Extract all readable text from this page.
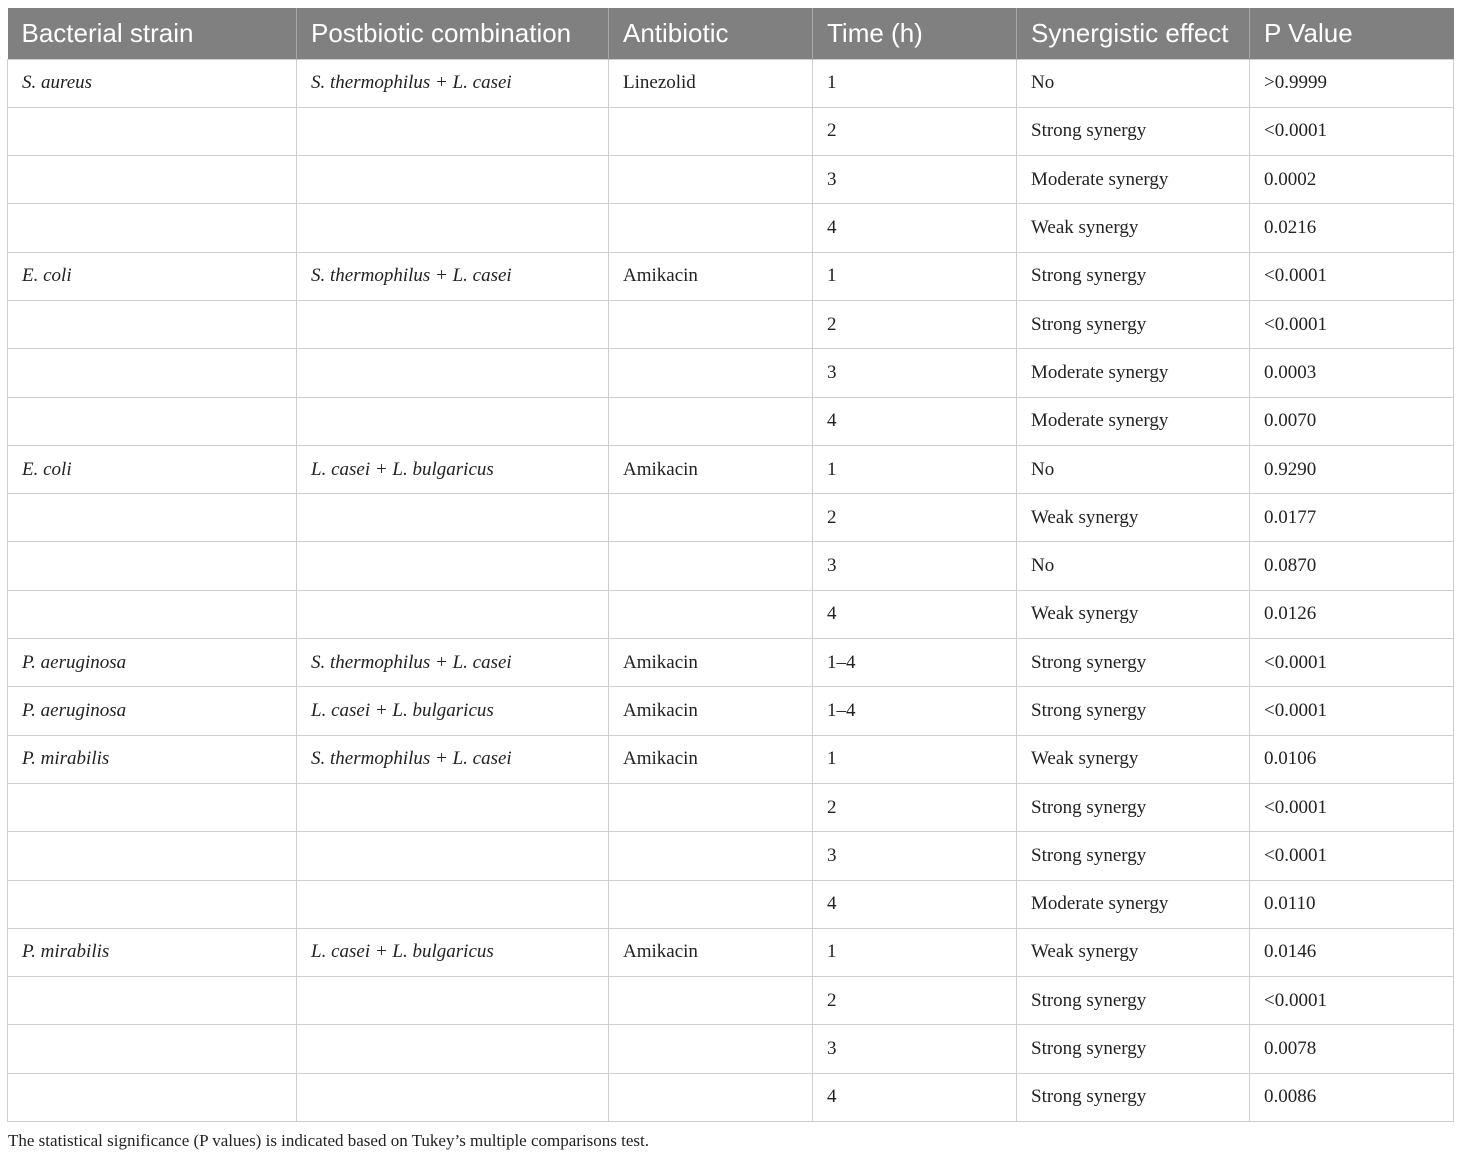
Bacterial strain	Postbiotic combination	Antibiotic	Time (h)	Synergistic effect	P Value
S. aureus	S. thermophilus + L. casei	Linezolid	1	No	>0.9999
			2	Strong synergy	<0.0001
			3	Moderate synergy	0.0002
			4	Weak synergy	0.0216
E. coli	S. thermophilus + L. casei	Amikacin	1	Strong synergy	<0.0001
			2	Strong synergy	<0.0001
			3	Moderate synergy	0.0003
			4	Moderate synergy	0.0070
E. coli	L. casei + L. bulgaricus	Amikacin	1	No	0.9290
			2	Weak synergy	0.0177
			3	No	0.0870
			4	Weak synergy	0.0126
P. aeruginosa	S. thermophilus + L. casei	Amikacin	1–4	Strong synergy	<0.0001
P. aeruginosa	L. casei + L. bulgaricus	Amikacin	1–4	Strong synergy	<0.0001
P. mirabilis	S. thermophilus + L. casei	Amikacin	1	Weak synergy	0.0106
			2	Strong synergy	<0.0001
			3	Strong synergy	<0.0001
			4	Moderate synergy	0.0110
P. mirabilis	L. casei + L. bulgaricus	Amikacin	1	Weak synergy	0.0146
			2	Strong synergy	<0.0001
			3	Strong synergy	0.0078
			4	Strong synergy	0.0086
The statistical significance (P values) is indicated based on Tukey’s multiple comparisons test.
